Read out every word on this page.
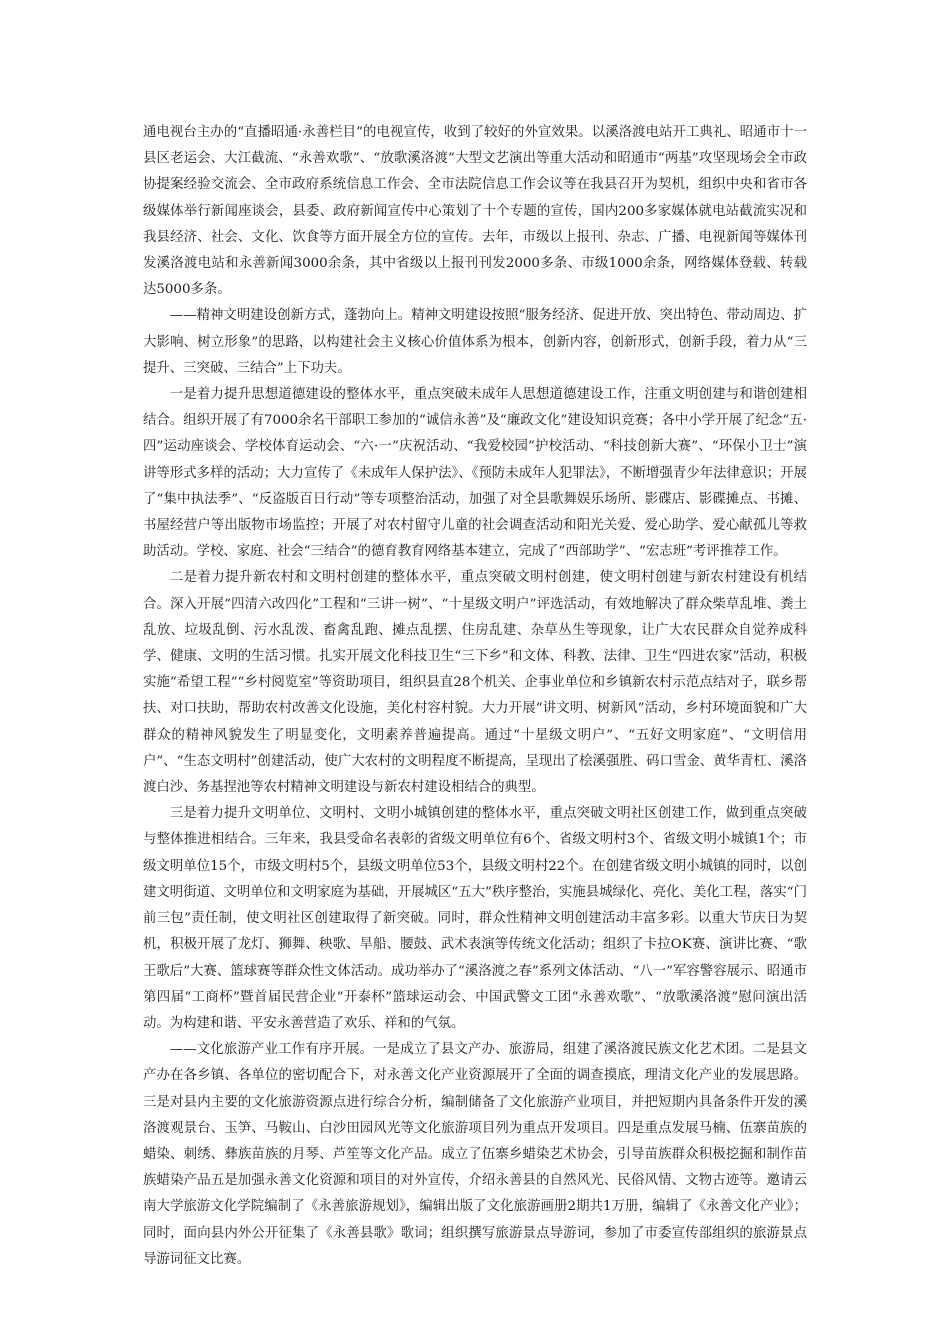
通电视台主办的“直播昭通·永善栏目”的电视宣传，收到了较好的外宣效果。以溪洛渡电站开工典礼、昭通市十一县区老运会、大江截流、“永善欢歌”、“放歌溪洛渡”大型文艺演出等重大活动和昭通市“两基”攻坚现场会全市政协提案经验交流会、全市政府系统信息工作会、全市法院信息工作会议等在我县召开为契机，组织中央和省市各级媒体举行新闻座谈会，县委、政府新闻宣传中心策划了十个专题的宣传，国内200多家媒体就电站截流实况和我县经济、社会、文化、饮食等方面开展全方位的宣传。去年，市级以上报刊、杂志、广播、电视新闻等媒体刊发溪洛渡电站和永善新闻3000余条，其中省级以上报刊刊发2000多条、市级1000余条，网络媒体登载、转载达5000多条。

——精神文明建设创新方式，蓬勃向上。精神文明建设按照“服务经济、促进开放、突出特色、带动周边、扩大影响、树立形象”的思路，以构建社会主义核心价值体系为根本，创新内容，创新形式，创新手段，着力从“三提升、三突破、三结合”上下功夫。

一是着力提升思想道德建设的整体水平，重点突破未成年人思想道德建设工作，注重文明创建与和谐创建相结合。组织开展了有7000余名干部职工参加的“诚信永善”及“廉政文化”建设知识竞赛；各中小学开展了纪念“五·四”运动座谈会、学校体育运动会、“六·一”庆祝活动、“我爱校园”护校活动、“科技创新大赛”、“环保小卫士”演讲等形式多样的活动；大力宣传了《未成年人保护法》、《预防未成年人犯罪法》，不断增强青少年法律意识；开展了“集中执法季”、“反盗版百日行动”等专项整治活动，加强了对全县歌舞娱乐场所、影碟店、影碟摊点、书摊、书屋经营户等出版物市场监控；开展了对农村留守儿童的社会调查活动和阳光关爱、爱心助学、爱心献孤儿等救助活动。学校、家庭、社会“三结合”的德育教育网络基本建立，完成了“西部助学”、“宏志班”考评推荐工作。

二是着力提升新农村和文明村创建的整体水平，重点突破文明村创建，使文明村创建与新农村建设有机结合。深入开展“四清六改四化”工程和“三讲一树”、“十星级文明户”评选活动，有效地解决了群众柴草乱堆、粪土乱放、垃圾乱倒、污水乱泼、畜禽乱跑、摊点乱摆、住房乱建、杂草丛生等现象，让广大农民群众自觉养成科学、健康、文明的生活习惯。扎实开展文化科技卫生“三下乡”和文体、科教、法律、卫生“四进农家”活动，积极实施“希望工程”“乡村阅览室”等资助项目，组织县直28个机关、企事业单位和乡镇新农村示范点结对子，联乡帮扶、对口扶助，帮助农村改善文化设施，美化村容村貌。大力开展“讲文明、树新风”活动，乡村环境面貌和广大群众的精神风貌发生了明显变化，文明素养普遍提高。通过“十星级文明户”、“五好文明家庭”、“文明信用户”、“生态文明村”创建活动，使广大农村的文明程度不断提高，呈现出了桧溪强胜、码口雪金、黄华青杠、溪洛渡白沙、务基捏池等农村精神文明建设与新农村建设相结合的典型。

三是着力提升文明单位、文明村、文明小城镇创建的整体水平，重点突破文明社区创建工作，做到重点突破与整体推进相结合。三年来，我县受命名表彰的省级文明单位有6个、省级文明村3个、省级文明小城镇1个；市级文明单位15个，市级文明村5个，县级文明单位53个，县级文明村22个。在创建省级文明小城镇的同时，以创建文明街道、文明单位和文明家庭为基础，开展城区“五大”秩序整治，实施县城绿化、亮化、美化工程，落实“门前三包”责任制，使文明社区创建取得了新突破。同时，群众性精神文明创建活动丰富多彩。以重大节庆日为契机，积极开展了龙灯、狮舞、秧歌、旱船、腰鼓、武术表演等传统文化活动；组织了卡拉OK赛、演讲比赛、“歌王歌后”大赛、篮球赛等群众性文体活动。成功举办了“溪洛渡之春”系列文体活动、“八一”军容警容展示、昭通市第四届“工商杯”暨首届民营企业“开泰杯”篮球运动会、中国武警文工团“永善欢歌”、“放歌溪洛渡”慰问演出活动。为构建和谐、平安永善营造了欢乐、祥和的气氛。

——文化旅游产业工作有序开展。一是成立了县文产办、旅游局，组建了溪洛渡民族文化艺术团。二是县文产办在各乡镇、各单位的密切配合下，对永善文化产业资源展开了全面的调查摸底，理清文化产业的发展思路。三是对县内主要的文化旅游资源点进行综合分析，编制储备了文化旅游产业项目，并把短期内具备条件开发的溪洛渡观景台、玉笋、马鞍山、白沙田园风光等文化旅游项目列为重点开发项目。四是重点发展马楠、伍寨苗族的蜡染、刺绣、彝族苗族的月琴、芦笙等文化产品。成立了伍寨乡蜡染艺术协会，引导苗族群众积极挖掘和制作苗族蜡染产品五是加强永善文化资源和项目的对外宣传，介绍永善县的自然风光、民俗风情、文物古迹等。邀请云南大学旅游文化学院编制了《永善旅游规划》，编辑出版了文化旅游画册2期共1万册，编辑了《永善文化产业》；同时，面向县内外公开征集了《永善县歌》歌词；组织撰写旅游景点导游词，参加了市委宣传部组织的旅游景点导游词征文比赛。
